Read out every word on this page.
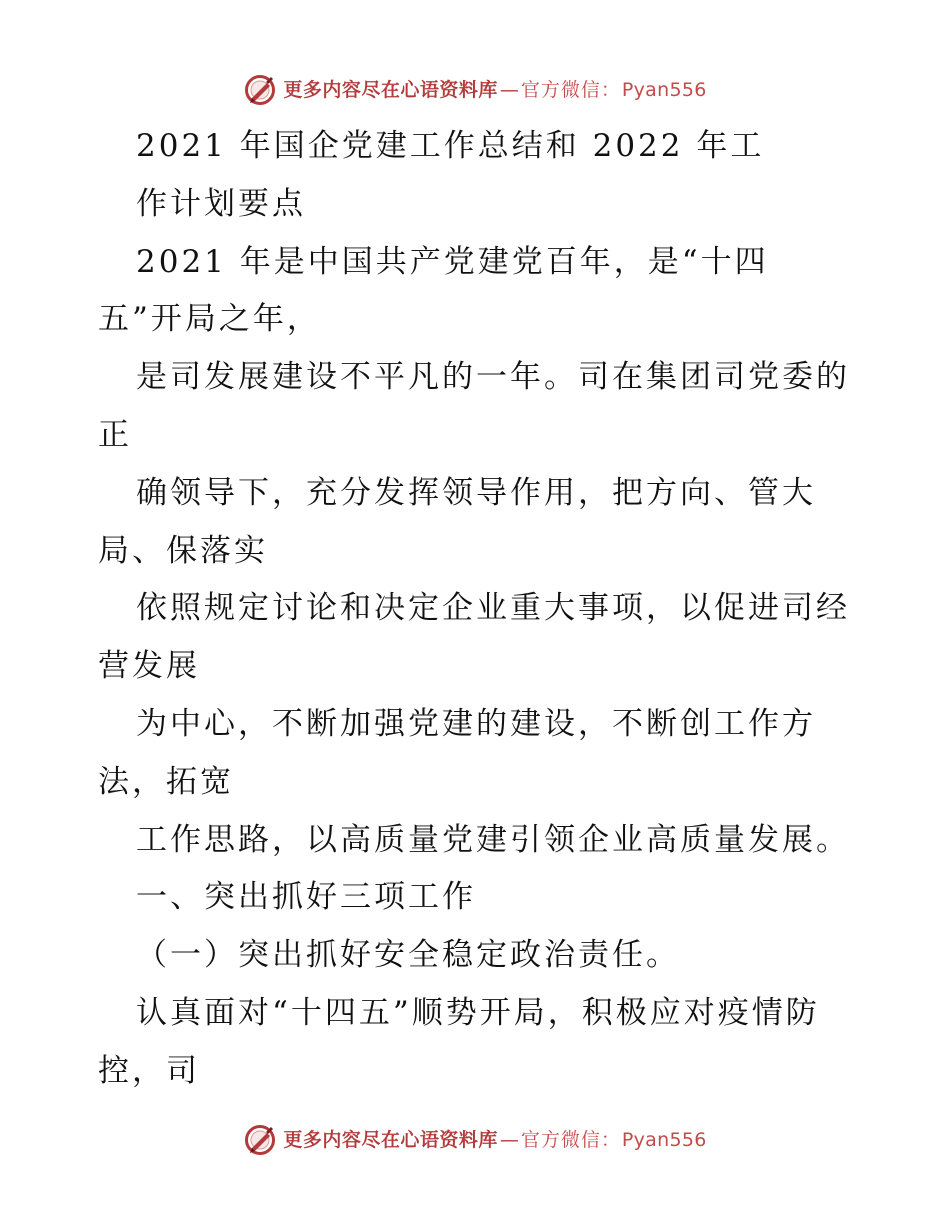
更多内容尽在心语资料库 — 官方微信： Pyan556
2021 年国企党建工作总结和 2022 年工
作计划要点
2021 年是中国共产党建党百年，是“十四
五”开局之年，
是司发展建设不平凡的一年。司在集团司党委的
正
确领导下，充分发挥领导作用，把方向、管大
局、保落实
依照规定讨论和决定企业重大事项，以促进司经
营发展
为中心，不断加强党建的建设，不断创工作方
法，拓宽
工作思路，以高质量党建引领企业高质量发展。
一、突出抓好三项工作
（一）突出抓好安全稳定政治责任。
认真面对“十四五”顺势开局，积极应对疫情防
控，司
更多内容尽在心语资料库 — 官方微信： Pyan556
